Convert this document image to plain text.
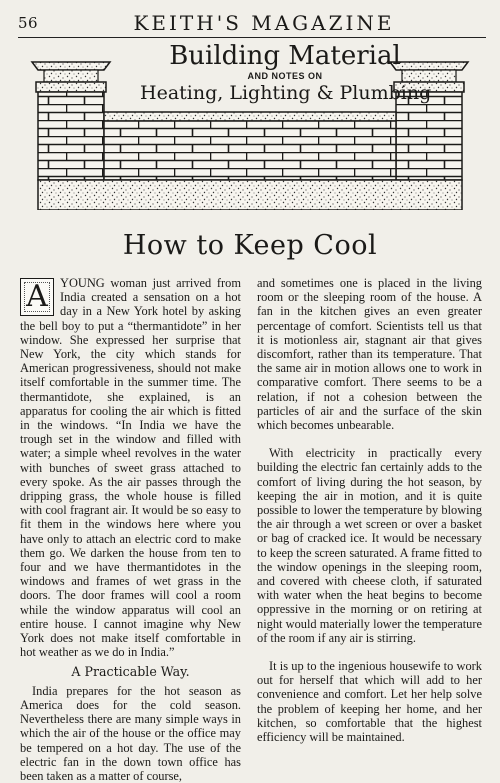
56	KEITH'S MAGAZINE
Building Material
AND NOTES ON
Heating, Lighting & Plumbing
How to Keep Cool
A YOUNG woman just arrived from India created a sensation on a hot day in a New York hotel by asking the bell boy to put a “thermantidote” in her window. She expressed her surprise that New York, the city which stands for American progressiveness, should not make itself comfortable in the summer time. The thermantidote, she explained, is an apparatus for cooling the air which is fitted in the windows. “In India we have the trough set in the window and filled with water; a simple wheel revolves in the water with bunches of sweet grass attached to every spoke. As the air passes through the dripping grass, the whole house is filled with cool fragrant air. It would be so easy to fit them in the windows here where you have only to attach an electric cord to make them go. We darken the house from ten to four and we have thermantidotes in the windows and frames of wet grass in the doors. The door frames will cool a room while the window apparatus will cool an entire house. I cannot imagine why New York does not make itself comfortable in hot weather as we do in India.”

A Practicable Way.

India prepares for the hot season as America does for the cold season. Nevertheless there are many simple ways in which the air of the house or the office may be tempered on a hot day. The use of the electric fan in the down town office has been taken as a matter of course,

and sometimes one is placed in the living room or the sleeping room of the house. A fan in the kitchen gives an even greater percentage of comfort. Scientists tell us that it is motionless air, stagnant air that gives discomfort, rather than its temperature. That the same air in motion allows one to work in comparative comfort. There seems to be a relation, if not a cohesion between the particles of air and the surface of the skin which becomes unbearable.

With electricity in practically every building the electric fan certainly adds to the comfort of living during the hot season, by keeping the air in motion, and it is quite possible to lower the temperature by blowing the air through a wet screen or over a basket or bag of cracked ice. It would be necessary to keep the screen saturated. A frame fitted to the window openings in the sleeping room, and covered with cheese cloth, if saturated with water when the heat begins to become oppressive in the morning or on retiring at night would materially lower the temperature of the room if any air is stirring.

It is up to the ingenious housewife to work out for herself that which will add to her convenience and comfort. Let her help solve the problem of keeping her home, and her kitchen, so comfortable that the highest efficiency will be maintained.
